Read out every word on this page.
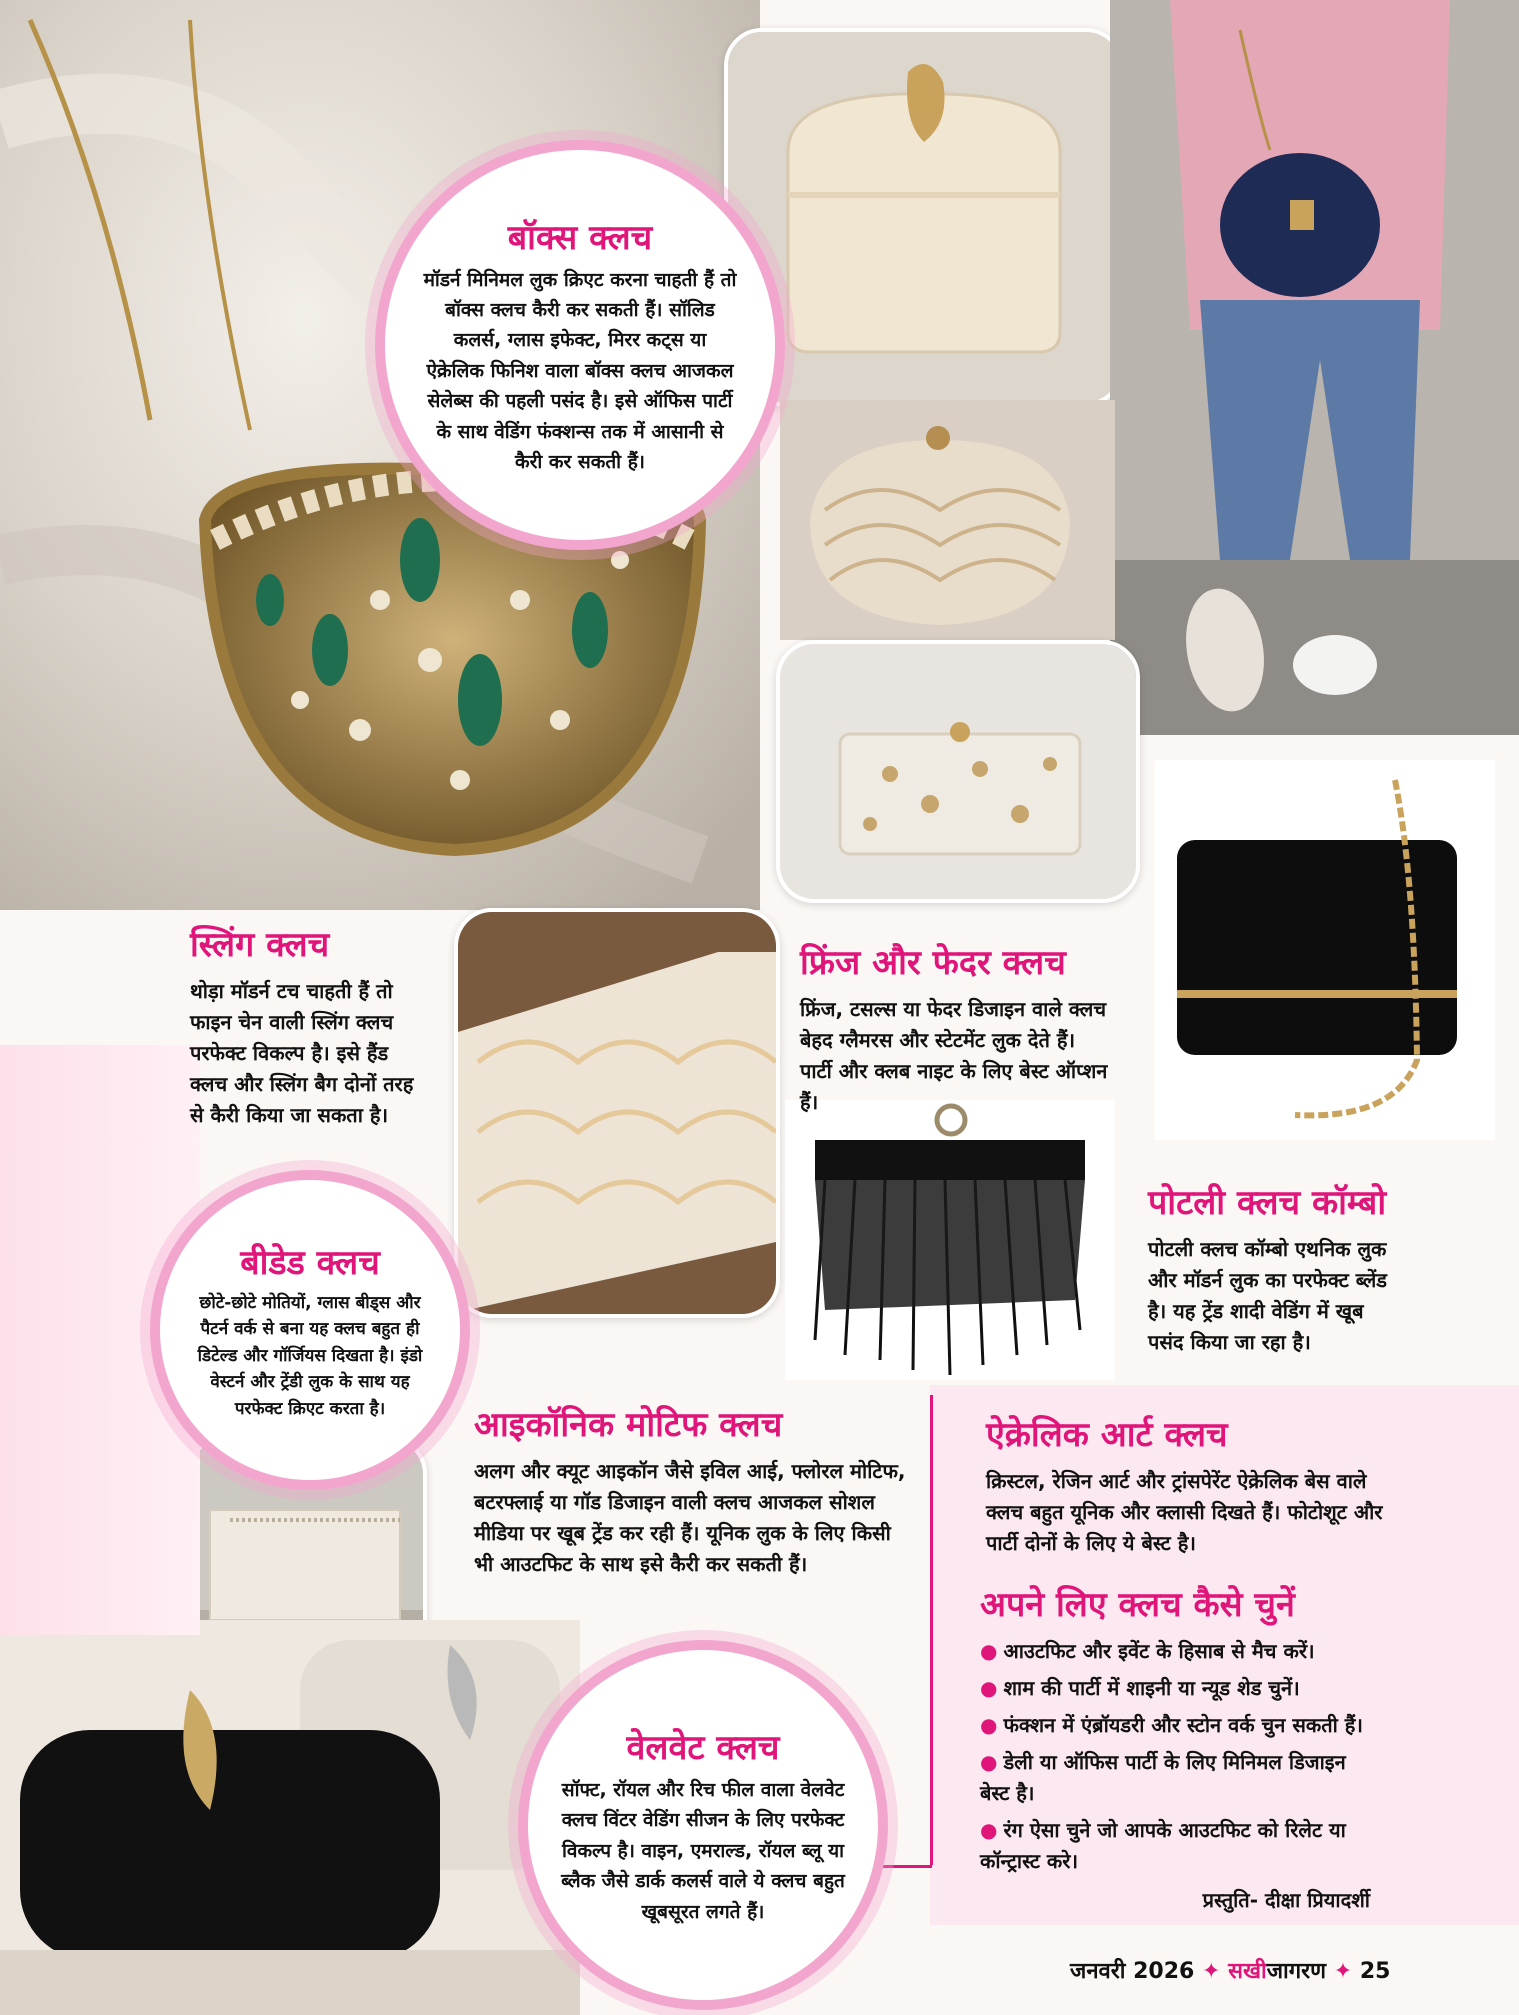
बॉक्स क्लच

मॉडर्न मिनिमल लुक क्रिएट करना चाहती हैं तो बॉक्स क्लच कैरी कर सकती हैं। सॉलिड कलर्स, ग्लास इफेक्ट, मिरर कट्स या ऐक्रेलिक फिनिश वाला बॉक्स क्लच आजकल सेलेब्स की पहली पसंद है। इसे ऑफिस पार्टी के साथ वेडिंग फंक्शन्स तक में आसानी से कैरी कर सकती हैं।

स्लिंग क्लच

थोड़ा मॉडर्न टच चाहती हैं तो फाइन चेन वाली स्लिंग क्लच परफेक्ट विकल्प है। इसे हैंड क्लच और स्लिंग बैग दोनों तरह से कैरी किया जा सकता है।

फ्रिंज और फेदर क्लच

फ्रिंज, टसल्स या फेदर डिजाइन वाले क्लच बेहद ग्लैमरस और स्टेटमेंट लुक देते हैं। पार्टी और क्लब नाइट के लिए बेस्ट ऑप्शन हैं।

पोटली क्लच कॉम्बो

पोटली क्लच कॉम्बो एथनिक लुक और मॉडर्न लुक का परफेक्ट ब्लेंड है। यह ट्रेंड शादी वेडिंग में खूब पसंद किया जा रहा है।

बीडेड क्लच

छोटे-छोटे मोतियों, ग्लास बीड्स और पैटर्न वर्क से बना यह क्लच बहुत ही डिटेल्ड और गॉर्जियस दिखता है। इंडो वेस्टर्न और ट्रेंडी लुक के साथ यह परफेक्ट क्रिएट करता है।	आइकॉनिक मोटिफ क्लच

अलग और क्यूट आइकॉन जैसे इविल आई, फ्लोरल मोटिफ, बटरफ्लाई या गॉड डिजाइन वाली क्लच आजकल सोशल मीडिया पर खूब ट्रेंड कर रही हैं। यूनिक लुक के लिए किसी भी आउटफिट के साथ इसे कैरी कर सकती हैं।

ऐक्रेलिक आर्ट क्लच

क्रिस्टल, रेजिन आर्ट और ट्रांसपेरेंट ऐक्रेलिक बेस वाले क्लच बहुत यूनिक और क्लासी दिखते हैं। फोटोशूट और पार्टी दोनों के लिए ये बेस्ट है।

अपने लिए क्लच कैसे चुनें
● आउटफिट और इवेंट के हिसाब से मैच करें।
● शाम की पार्टी में शाइनी या न्यूड शेड चुनें।
● फंक्शन में एंब्रॉयडरी और स्टोन वर्क चुन सकती हैं।
● डेली या ऑफिस पार्टी के लिए मिनिमल डिजाइन बेस्ट है।
● रंग ऐसा चुने जो आपके आउटफिट को रिलेट या कॉन्ट्रास्ट करे।

प्रस्तुति- दीक्षा प्रियादर्शी

वेलवेट क्लच

सॉफ्ट, रॉयल और रिच फील वाला वेलवेट क्लच विंटर वेडिंग सीजन के लिए परफेक्ट विकल्प है। वाइन, एमराल्ड, रॉयल ब्लू या ब्लैक जैसे डार्क कलर्स वाले ये क्लच बहुत खूबसूरत लगते हैं।

जनवरी 2026 ✦ सखीजागरण ✦ 25
